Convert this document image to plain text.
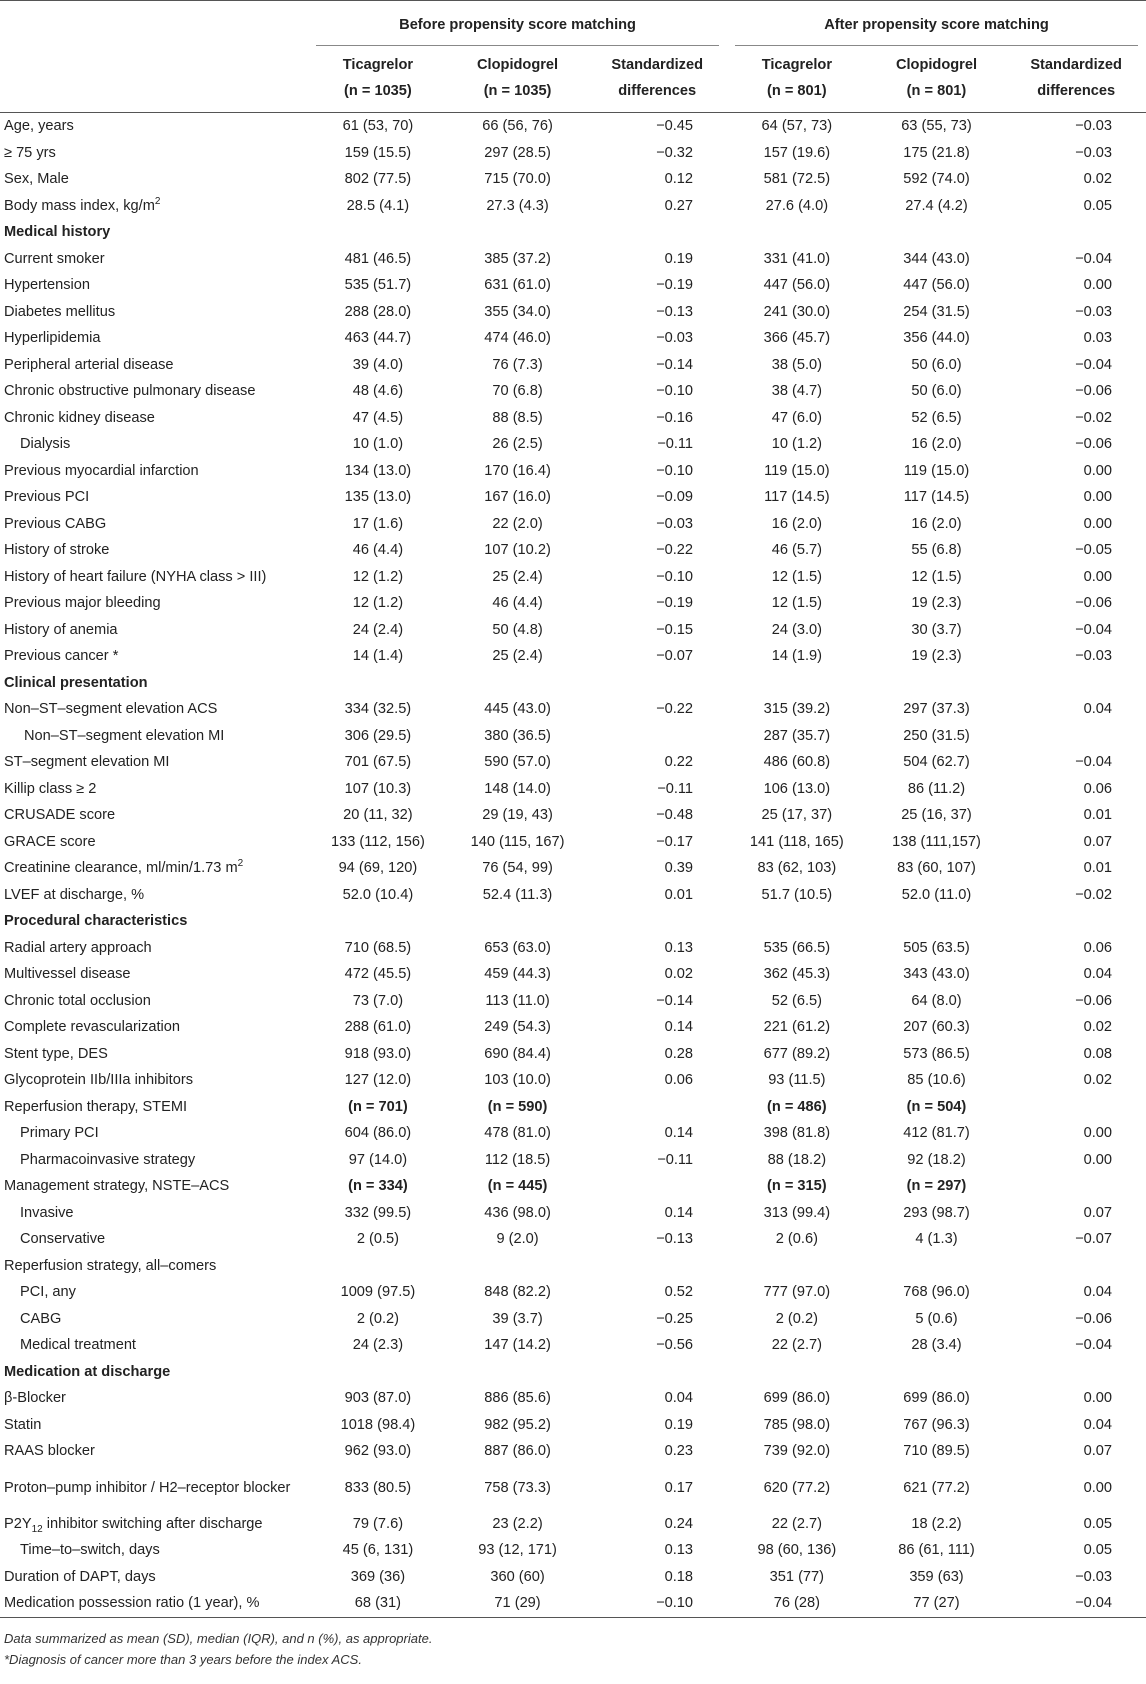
	Before propensity score matching			After propensity score matching		

	Ticagrelor	Clopidogrel	Standardized	Ticagrelor	Clopidogrel	Standardized
	(n = 1035)	(n = 1035)	differences	(n = 801)	(n = 801)	differences
Age, years	61 (53, 70)	66 (56, 76)	−0.45	64 (57, 73)	63 (55, 73)	−0.03
≥ 75 yrs	159 (15.5)	297 (28.5)	−0.32	157 (19.6)	175 (21.8)	−0.03
Sex, Male	802 (77.5)	715 (70.0)	0.12	581 (72.5)	592 (74.0)	0.02
Body mass index, $kg/m^2$	28.5 (4.1)	27.3 (4.3)	0.27	27.6 (4.0)	27.4 (4.2)	0.05
Medical history						
Current smoker	481 (46.5)	385 (37.2)	0.19	331 (41.0)	344 (43.0)	−0.04
Hypertension	535 (51.7)	631 (61.0)	−0.19	447 (56.0)	447 (56.0)	0.00
Diabetes mellitus	288 (28.0)	355 (34.0)	−0.13	241 (30.0)	254 (31.5)	−0.03
Hyperlipidemia	463 (44.7)	474 (46.0)	−0.03	366 (45.7)	356 (44.0)	0.03
Peripheral arterial disease	39 (4.0)	76 (7.3)	−0.14	38 (5.0)	50 (6.0)	−0.04
Chronic obstructive pulmonary disease	48 (4.6)	70 (6.8)	−0.10	38 (4.7)	50 (6.0)	−0.06
Chronic kidney disease	47 (4.5)	88 (8.5)	−0.16	47 (6.0)	52 (6.5)	−0.02
Dialysis	10 (1.0)	26 (2.5)	−0.11	10 (1.2)	16 (2.0)	−0.06
Previous myocardial infarction	134 (13.0)	170 (16.4)	−0.10	119 (15.0)	119 (15.0)	0.00
Previous PCI	135 (13.0)	167 (16.0)	−0.09	117 (14.5)	117 (14.5)	0.00
Previous CABG	17 (1.6)	22 (2.0)	−0.03	16 (2.0)	16 (2.0)	0.00
History of stroke	46 (4.4)	107 (10.2)	−0.22	46 (5.7)	55 (6.8)	−0.05
History of heart failure (NYHA class > III)	12 (1.2)	25 (2.4)	−0.10	12 (1.5)	12 (1.5)	0.00
Previous major bleeding	12 (1.2)	46 (4.4)	−0.19	12 (1.5)	19 (2.3)	−0.06
History of anemia	24 (2.4)	50 (4.8)	−0.15	24 (3.0)	30 (3.7)	−0.04
Previous cancer *	14 (1.4)	25 (2.4)	−0.07	14 (1.9)	19 (2.3)	−0.03
Clinical presentation						
Non–ST–segment elevation ACS	334 (32.5)	445 (43.0)	−0.22	315 (39.2)	297 (37.3)	0.04
Non–ST–segment elevation MI	306 (29.5)	380 (36.5)		287 (35.7)	250 (31.5)	
ST–segment elevation MI	701 (67.5)	590 (57.0)	0.22	486 (60.8)	504 (62.7)	−0.04
Killip class ≥ 2	107 (10.3)	148 (14.0)	−0.11	106 (13.0)	86 (11.2)	0.06
CRUSADE score	20 (11, 32)	29 (19, 43)	−0.48	25 (17, 37)	25 (16, 37)	0.01
GRACE score	133 (112, 156)	140 (115, 167)	−0.17	141 (118, 165)	138 (111,157)	0.07
Creatinine clearance, ml/min/1.73 $m^2$	94 (69, 120)	76 (54, 99)	0.39	83 (62, 103)	83 (60, 107)	0.01
LVEF at discharge, %	52.0 (10.4)	52.4 (11.3)	0.01	51.7 (10.5)	52.0 (11.0)	−0.02
Procedural characteristics						
Radial artery approach	710 (68.5)	653 (63.0)	0.13	535 (66.5)	505 (63.5)	0.06
Multivessel disease	472 (45.5)	459 (44.3)	0.02	362 (45.3)	343 (43.0)	0.04
Chronic total occlusion	73 (7.0)	113 (11.0)	−0.14	52 (6.5)	64 (8.0)	−0.06
Complete revascularization	288 (61.0)	249 (54.3)	0.14	221 (61.2)	207 (60.3)	0.02
Stent type, DES	918 (93.0)	690 (84.4)	0.28	677 (89.2)	573 (86.5)	0.08
Glycoprotein IIb/IIIa inhibitors	127 (12.0)	103 (10.0)	0.06	93 (11.5)	85 (10.6)	0.02
Reperfusion therapy, STEMI	(n = 701)	(n = 590)		(n = 486)	(n = 504)	
Primary PCI	604 (86.0)	478 (81.0)	0.14	398 (81.8)	412 (81.7)	0.00
Pharmacoinvasive strategy	97 (14.0)	112 (18.5)	−0.11	88 (18.2)	92 (18.2)	0.00
Management strategy, NSTE–ACS	(n = 334)	(n = 445)		(n = 315)	(n = 297)	
Invasive	332 (99.5)	436 (98.0)	0.14	313 (99.4)	293 (98.7)	0.07
Conservative	2 (0.5)	9 (2.0)	−0.13	2 (0.6)	4 (1.3)	−0.07
Reperfusion strategy, all–comers						
PCI, any	1009 (97.5)	848 (82.2)	0.52	777 (97.0)	768 (96.0)	0.04
CABG	2 (0.2)	39 (3.7)	−0.25	2 (0.2)	5 (0.6)	−0.06
Medical treatment	24 (2.3)	147 (14.2)	−0.56	22 (2.7)	28 (3.4)	−0.04
Medication at discharge						
β-Blocker	903 (87.0)	886 (85.6)	0.04	699 (86.0)	699 (86.0)	0.00
Statin	1018 (98.4)	982 (95.2)	0.19	785 (98.0)	767 (96.3)	0.04
RAAS blocker	962 (93.0)	887 (86.0)	0.23	739 (92.0)	710 (89.5)	0.07
Proton–pump inhibitor / H2–receptor blocker	833 (80.5)	758 (73.3)	0.17	620 (77.2)	621 (77.2)	0.00
$P2Y_{12}$ inhibitor switching after discharge	79 (7.6)	23 (2.2)	0.24	22 (2.7)	18 (2.2)	0.05
Time–to–switch, days	45 (6, 131)	93 (12, 171)	0.13	98 (60, 136)	86 (61, 111)	0.05
Duration of DAPT, days	369 (36)	360 (60)	0.18	351 (77)	359 (63)	−0.03
Medication possession ratio (1 year), %	68 (31)	71 (29)	−0.10	76 (28)	77 (27)	−0.04
Data summarized as mean (SD), median (IQR), and n (%), as appropriate.
*Diagnosis of cancer more than 3 years before the index ACS.
